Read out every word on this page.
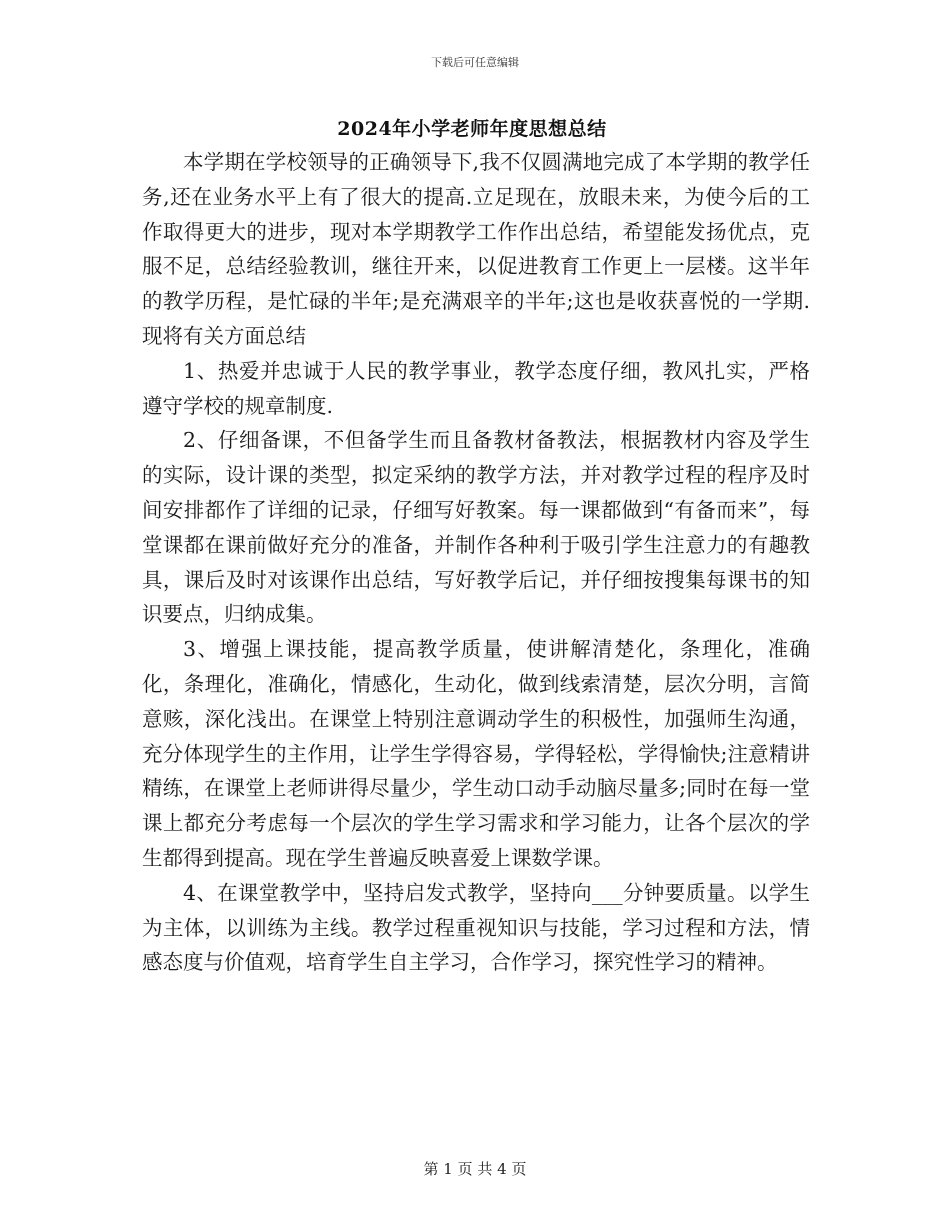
下载后可任意编辑
2024年小学老师年度思想总结

本学期在学校领导的正确领导下,我不仅圆满地完成了本学期的教学任务,还在业务水平上有了很大的提高.立足现在，放眼未来，为使今后的工作取得更大的进步，现对本学期教学工作作出总结，希望能发扬优点，克服不足，总结经验教训，继往开来，以促进教育工作更上一层楼。这半年的教学历程，是忙碌的半年;是充满艰辛的半年;这也是收获喜悦的一学期.现将有关方面总结

1、热爱并忠诚于人民的教学事业，教学态度仔细，教风扎实，严格遵守学校的规章制度.

2、仔细备课，不但备学生而且备教材备教法，根据教材内容及学生的实际，设计课的类型，拟定采纳的教学方法，并对教学过程的程序及时间安排都作了详细的记录，仔细写好教案。每一课都做到“有备而来”，每堂课都在课前做好充分的准备，并制作各种利于吸引学生注意力的有趣教具，课后及时对该课作出总结，写好教学后记，并仔细按搜集每课书的知识要点，归纳成集。

3、增强上课技能，提高教学质量，使讲解清楚化，条理化，准确化，条理化，准确化，情感化，生动化，做到线索清楚，层次分明，言简意赅，深化浅出。在课堂上特别注意调动学生的积极性，加强师生沟通，充分体现学生的主作用，让学生学得容易，学得轻松，学得愉快;注意精讲精练，在课堂上老师讲得尽量少，学生动口动手动脑尽量多;同时在每一堂课上都充分考虑每一个层次的学生学习需求和学习能力，让各个层次的学生都得到提高。现在学生普遍反映喜爱上课数学课。

4、在课堂教学中，坚持启发式教学，坚持向___分钟要质量。以学生为主体，以训练为主线。教学过程重视知识与技能，学习过程和方法，情感态度与价值观，培育学生自主学习，合作学习，探究性学习的精神。

第 1 页 共 4 页
